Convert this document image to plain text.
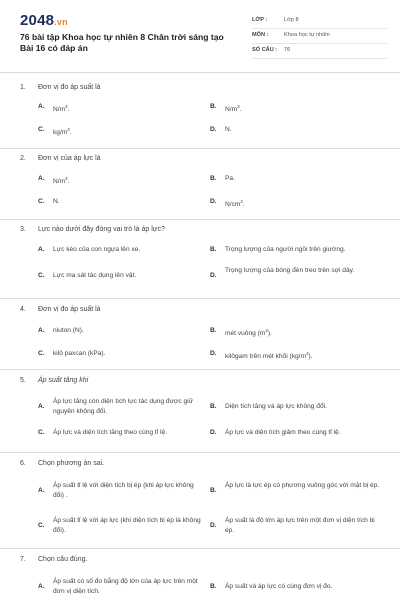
2048.vn
76 bài tập Khoa học tự nhiên 8 Chân trời sáng tạo Bài 16 có đáp án
LỚP :	Lớp 8
MÔN :	Khoa học tự nhiên
SỐ CÂU : 76
1. Đơn vị đo áp suất là
A. $N/m^2$.	B. $N/m^3$.
C. $kg/m^3$.	D. N.
2. Đơn vị của áp lực là
A. $N/m^2$.	B. Pa.
C. N.	D. $N/cm^2$.
3. Lực nào dưới đây đóng vai trò là áp lực?
A. Lực kéo của con ngựa lên xe.	B. Trọng lượng của người ngồi trên giường.
C. Lực ma sát tác dụng lên vật.	D.
Trọng lượng của bóng đèn treo trên sợi dây.
4. Đơn vị đo áp suất là
A. niuton (N).	B. mét vuông $(m^2)$.
C. kilô paxcan (kPa).	D. kilôgam trên mét khối $(kg/m^3)$.
5. Áp suất tăng khi
A.
Áp lực tăng còn diện tích lực tác dụng được giữ nguyên không đổi.
B. Diện tích tăng và áp lực không đổi.
C. Áp lực và diện tích tăng theo cùng tỉ lệ.	D. Áp lực và diện tích giảm theo cùng tỉ lệ.
6. Chọn phương án sai.
A.
Áp suất tỉ lệ với diện tích bị ép (khi áp lực không đổi) .
B.
Áp lực là lực ép có phương vuông góc với mặt bị ép.
C.
Áp suất tỉ lệ với áp lực (khi diện tích bị ép là không đổi).
D.
Áp suất là độ lớn áp lực trên một đơn vị diện tích bị ép.
7. Chọn câu đúng.
A.
Áp suất có số đo bằng độ lớn của áp lực trên một đơn vị diện tích.
B. Áp suất và áp lực có cùng đơn vị đo.
